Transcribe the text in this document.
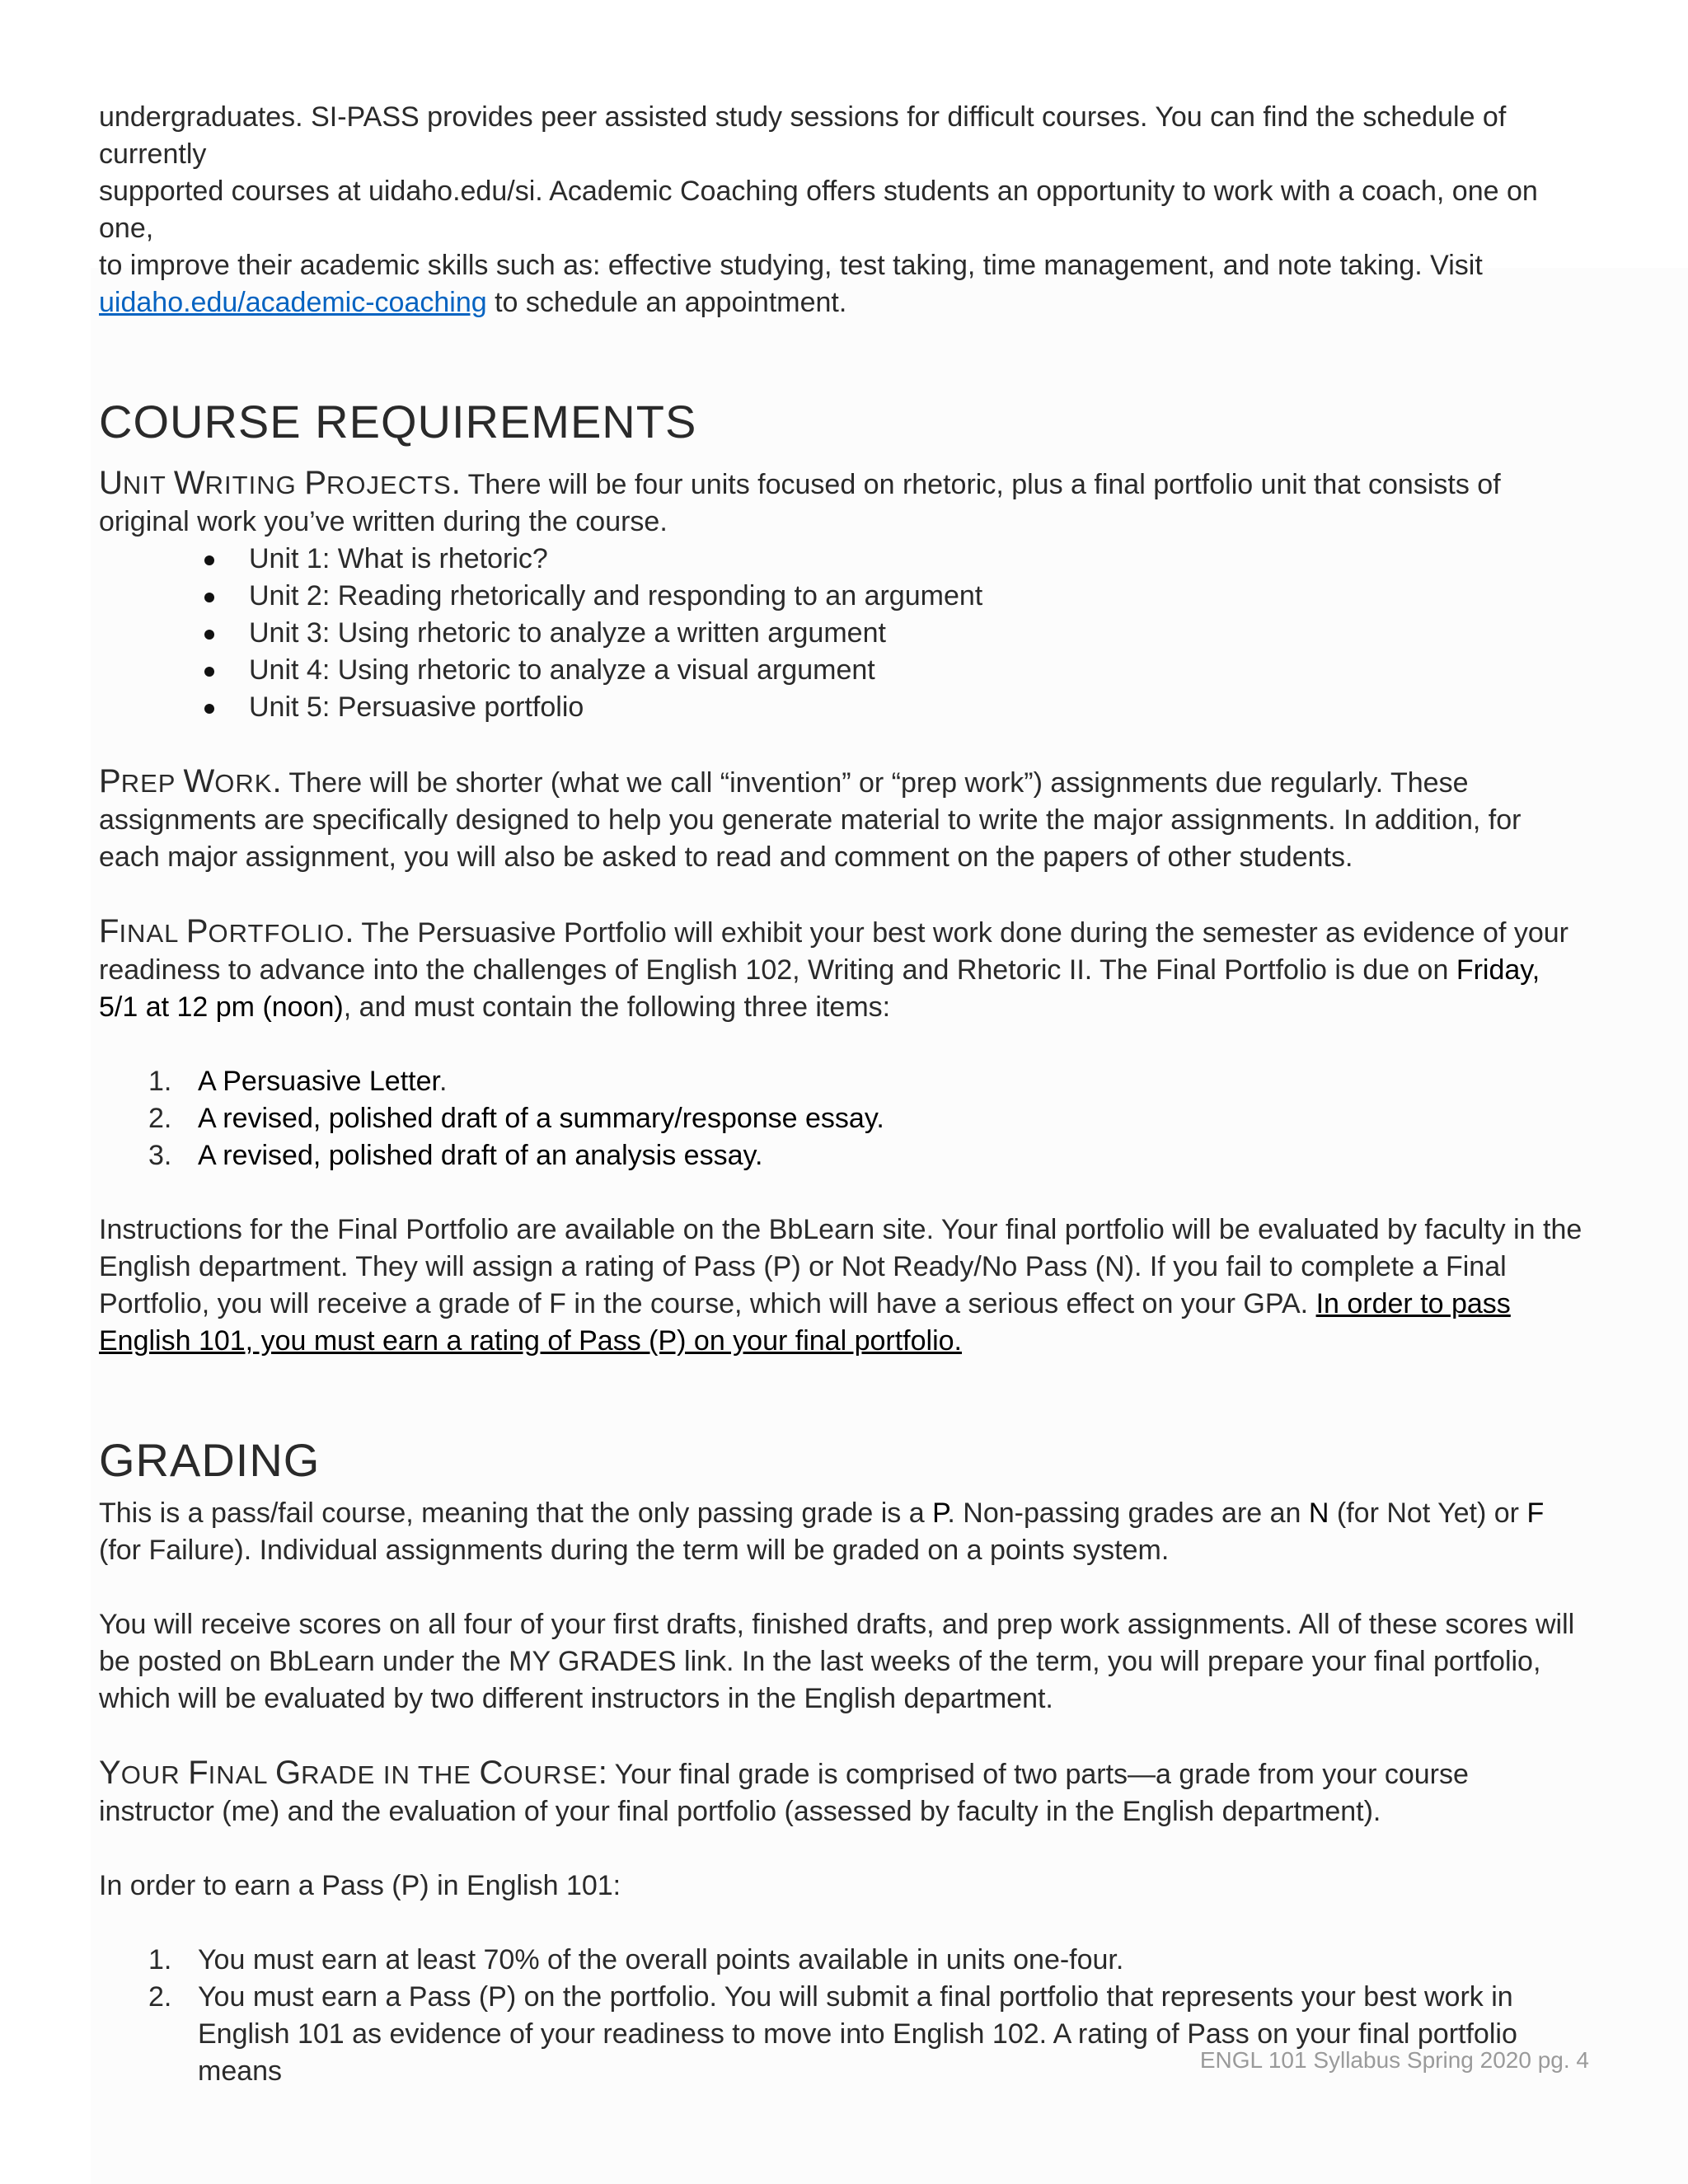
undergraduates. SI-PASS provides peer assisted study sessions for difficult courses. You can find the schedule of currently
supported courses at uidaho.edu/si. Academic Coaching offers students an opportunity to work with a coach, one on one,
to improve their academic skills such as: effective studying, test taking, time management, and note taking. Visit
uidaho.edu/academic-coaching to schedule an appointment.

COURSE REQUIREMENTS

UNIT WRITING PROJECTS. There will be four units focused on rhetoric, plus a final portfolio unit that consists of original work you’ve written during the course.

Unit 1: What is rhetoric?
Unit 2: Reading rhetorically and responding to an argument
Unit 3: Using rhetoric to analyze a written argument
Unit 4: Using rhetoric to analyze a visual argument
Unit 5: Persuasive portfolio

PREP WORK. There will be shorter (what we call “invention” or “prep work”) assignments due regularly. These assignments are specifically designed to help you generate material to write the major assignments. In addition, for each major assignment, you will also be asked to read and comment on the papers of other students.

FINAL PORTFOLIO. The Persuasive Portfolio will exhibit your best work done during the semester as evidence of your readiness to advance into the challenges of English 102, Writing and Rhetoric II. The Final Portfolio is due on Friday, 5/1 at 12 pm (noon), and must contain the following three items:

1. A Persuasive Letter.
2. A revised, polished draft of a summary/response essay.
3. A revised, polished draft of an analysis essay.

Instructions for the Final Portfolio are available on the BbLearn site. Your final portfolio will be evaluated by faculty in the English department. They will assign a rating of Pass (P) or Not Ready/No Pass (N). If you fail to complete a Final Portfolio, you will receive a grade of F in the course, which will have a serious effect on your GPA. In order to pass English 101, you must earn a rating of Pass (P) on your final portfolio.

GRADING

This is a pass/fail course, meaning that the only passing grade is a P. Non-passing grades are an N (for Not Yet) or F (for Failure). Individual assignments during the term will be graded on a points system.

You will receive scores on all four of your first drafts, finished drafts, and prep work assignments. All of these scores will be posted on BbLearn under the MY GRADES link. In the last weeks of the term, you will prepare your final portfolio, which will be evaluated by two different instructors in the English department.

YOUR FINAL GRADE IN THE COURSE: Your final grade is comprised of two parts—a grade from your course instructor (me) and the evaluation of your final portfolio (assessed by faculty in the English department).

In order to earn a Pass (P) in English 101:

1. You must earn at least 70% of the overall points available in units one-four.
2. You must earn a Pass (P) on the portfolio. You will submit a final portfolio that represents your best work in English 101 as evidence of your readiness to move into English 102. A rating of Pass on your final portfolio means	ENGL 101 Syllabus Spring 2020 pg. 4
